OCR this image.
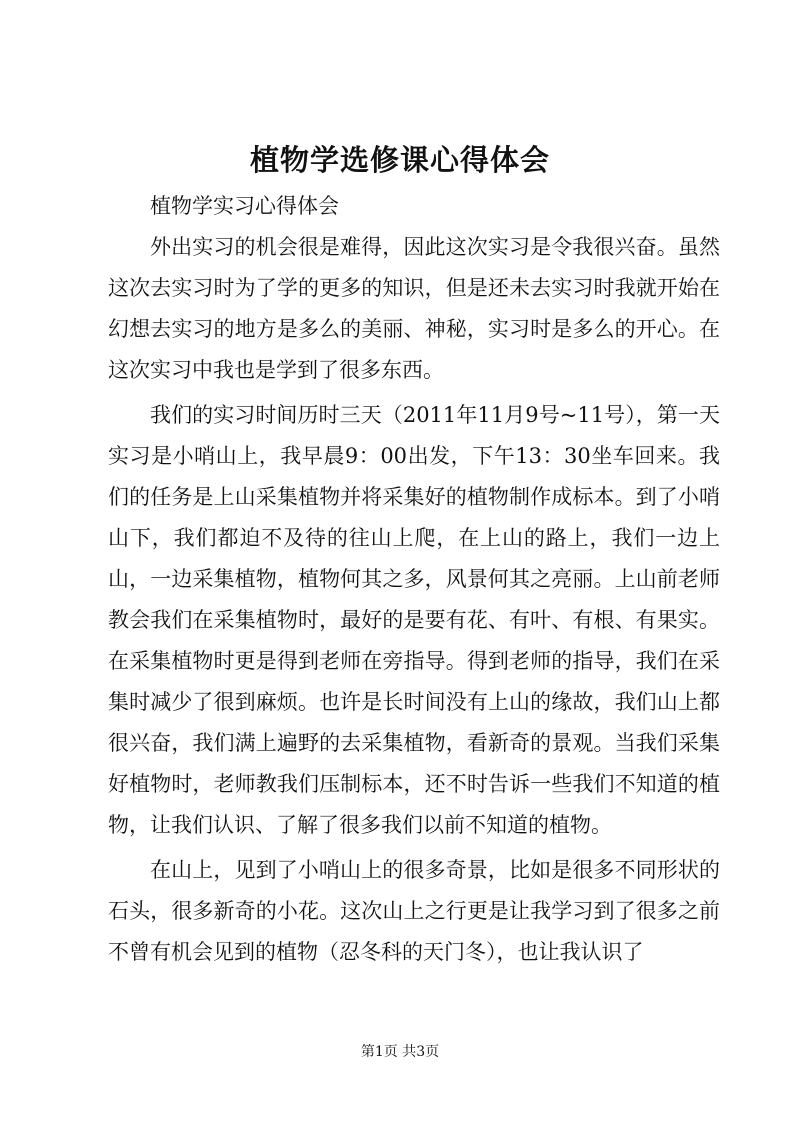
植物学选修课心得体会

植物学实习心得体会

外出实习的机会很是难得，因此这次实习是令我很兴奋。虽然这次去实习时为了学的更多的知识，但是还未去实习时我就开始在幻想去实习的地方是多么的美丽、神秘，实习时是多么的开心。在这次实习中我也是学到了很多东西。

我们的实习时间历时三天（2011年11月9号~11号），第一天实习是小哨山上，我早晨9：00出发，下午13：30坐车回来。我们的任务是上山采集植物并将采集好的植物制作成标本。到了小哨山下，我们都迫不及待的往山上爬，在上山的路上，我们一边上山，一边采集植物，植物何其之多，风景何其之亮丽。上山前老师教会我们在采集植物时，最好的是要有花、有叶、有根、有果实。在采集植物时更是得到老师在旁指导。得到老师的指导，我们在采集时减少了很到麻烦。也许是长时间没有上山的缘故，我们山上都很兴奋，我们满上遍野的去采集植物，看新奇的景观。当我们采集好植物时，老师教我们压制标本，还不时告诉一些我们不知道的植物，让我们认识、了解了很多我们以前不知道的植物。

在山上，见到了小哨山上的很多奇景，比如是很多不同形状的石头，很多新奇的小花。这次山上之行更是让我学习到了很多之前不曾有机会见到的植物（忍冬科的天门冬），也让我认识了

第1页 共3页
